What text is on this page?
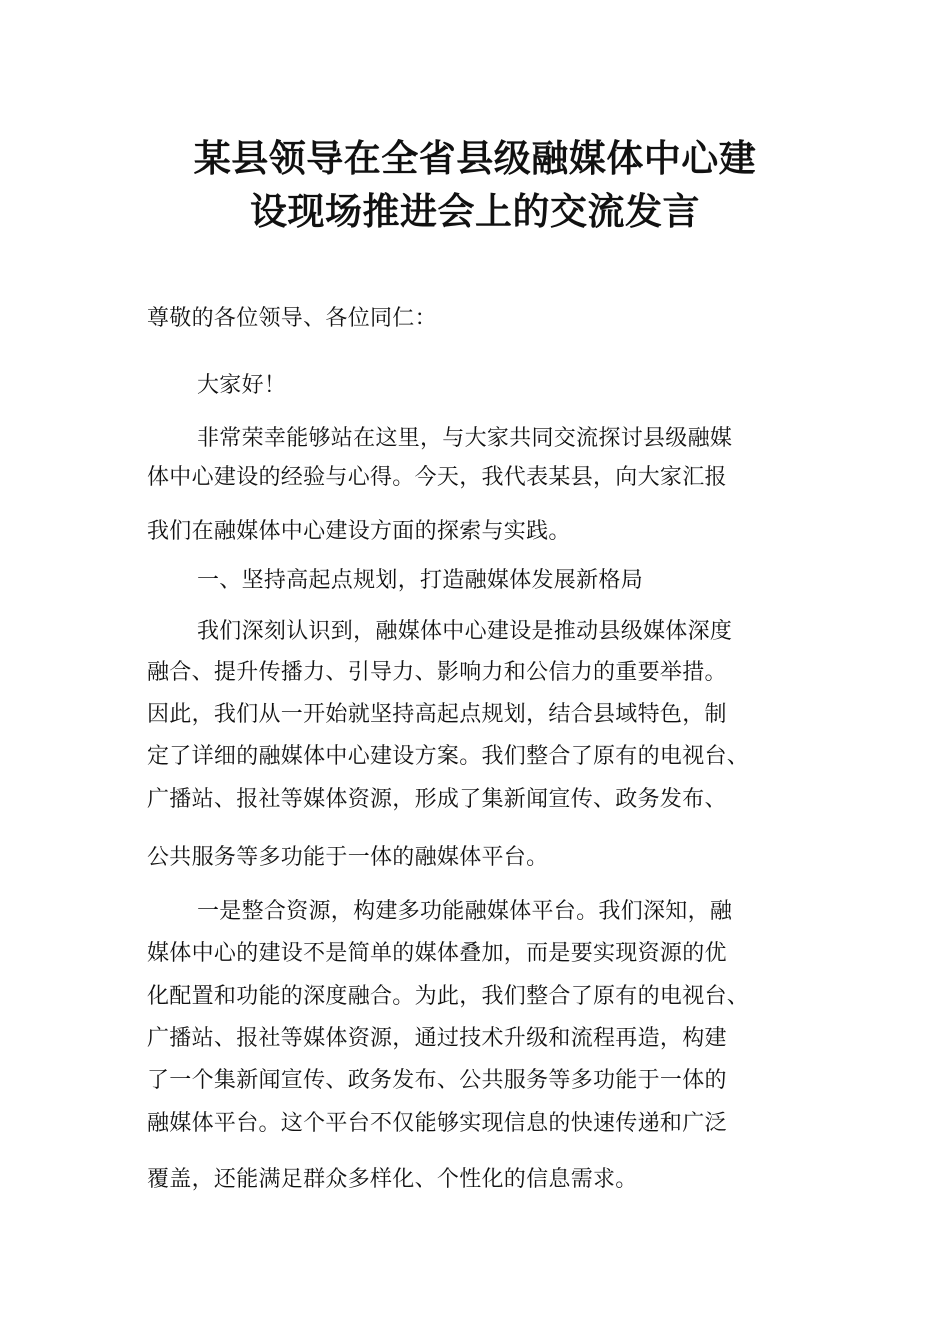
某县领导在全省县级融媒体中心建
设现场推进会上的交流发言
尊敬的各位领导、各位同仁：
大家好！
非常荣幸能够站在这里，与大家共同交流探讨县级融媒
体中心建设的经验与心得。今天，我代表某县，向大家汇报
我们在融媒体中心建设方面的探索与实践。
一、坚持高起点规划，打造融媒体发展新格局
我们深刻认识到，融媒体中心建设是推动县级媒体深度
融合、提升传播力、引导力、影响力和公信力的重要举措。
因此，我们从一开始就坚持高起点规划，结合县域特色，制
定了详细的融媒体中心建设方案。我们整合了原有的电视台、
广播站、报社等媒体资源，形成了集新闻宣传、政务发布、
公共服务等多功能于一体的融媒体平台。
一是整合资源，构建多功能融媒体平台。我们深知，融
媒体中心的建设不是简单的媒体叠加，而是要实现资源的优
化配置和功能的深度融合。为此，我们整合了原有的电视台、
广播站、报社等媒体资源，通过技术升级和流程再造，构建
了一个集新闻宣传、政务发布、公共服务等多功能于一体的
融媒体平台。这个平台不仅能够实现信息的快速传递和广泛
覆盖，还能满足群众多样化、个性化的信息需求。
